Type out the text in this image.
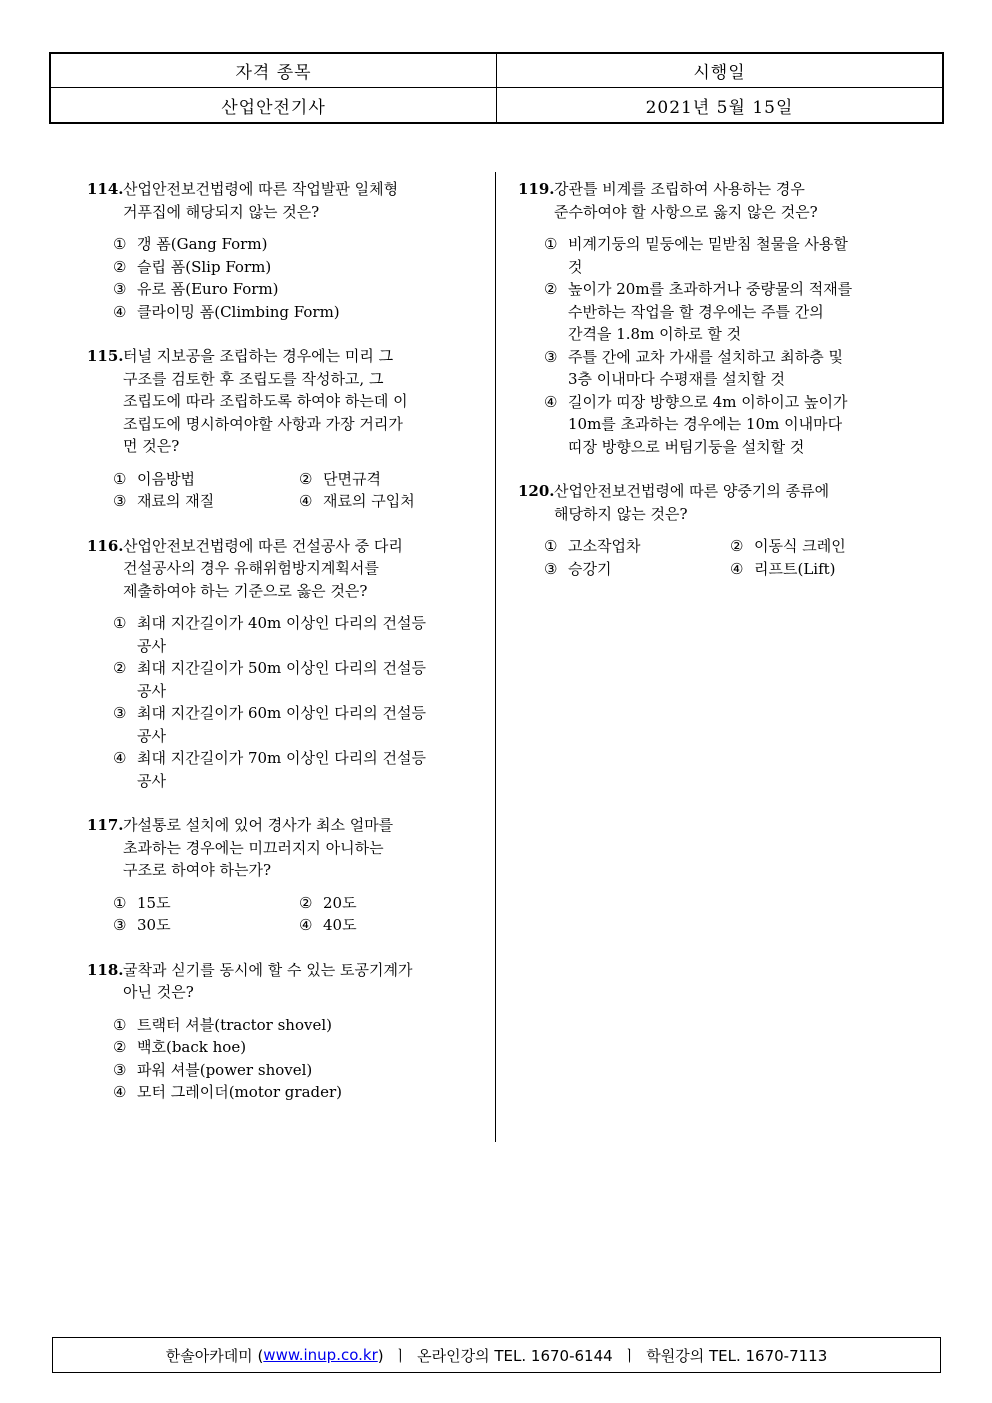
자격 종목	시행일
산업안전기사	2021년 5월 15일
114. 산업안전보건법령에 따른 작업발판 일체형
거푸집에 해당되지 않는 것은?
① 갱 폼(Gang Form)
② 슬립 폼(Slip Form)
③ 유로 폼(Euro Form)
④ 클라이밍 폼(Climbing Form)
115. 터널 지보공을 조립하는 경우에는 미리 그
구조를 검토한 후 조립도를 작성하고, 그
조립도에 따라 조립하도록 하여야 하는데 이
조립도에 명시하여야할 사항과 가장 거리가
먼 것은?
① 이음방법	② 단면규격
③ 재료의 재질	④ 재료의 구입처
116. 산업안전보건법령에 따른 건설공사 중 다리
건설공사의 경우 유해위험방지계획서를
제출하여야 하는 기준으로 옳은 것은?
① 최대 지간길이가 40m 이상인 다리의 건설등
공사
② 최대 지간길이가 50m 이상인 다리의 건설등
공사
③ 최대 지간길이가 60m 이상인 다리의 건설등
공사
④ 최대 지간길이가 70m 이상인 다리의 건설등
공사
117. 가설통로 설치에 있어 경사가 최소 얼마를
초과하는 경우에는 미끄러지지 아니하는
구조로 하여야 하는가?
① 15도	② 20도
③ 30도	④ 40도
118. 굴착과 싣기를 동시에 할 수 있는 토공기계가
아닌 것은?
① 트랙터 셔블(tractor shovel)
② 백호(back hoe)
③ 파워 셔블(power shovel)
④ 모터 그레이더(motor grader)
119. 강관틀 비계를 조립하여 사용하는 경우
준수하여야 할 사항으로 옳지 않은 것은?
① 비계기둥의 밑둥에는 밑받침 철물을 사용할
것
② 높이가 20m를 초과하거나 중량물의 적재를
수반하는 작업을 할 경우에는 주틀 간의
간격을 1.8m 이하로 할 것
③ 주틀 간에 교차 가새를 설치하고 최하층 및
3층 이내마다 수평재를 설치할 것
④ 길이가 띠장 방향으로 4m 이하이고 높이가
10m를 초과하는 경우에는 10m 이내마다
띠장 방향으로 버팀기둥을 설치할 것
120. 산업안전보건법령에 따른 양중기의 종류에
해당하지 않는 것은?
① 고소작업차	② 이동식 크레인
③ 승강기	④ 리프트(Lift)
한솔아카데미 ( www.inup.co.kr )  ㅣ  온라인강의 TEL. 1670-6144  ㅣ  학원강의 TEL. 1670-7113
